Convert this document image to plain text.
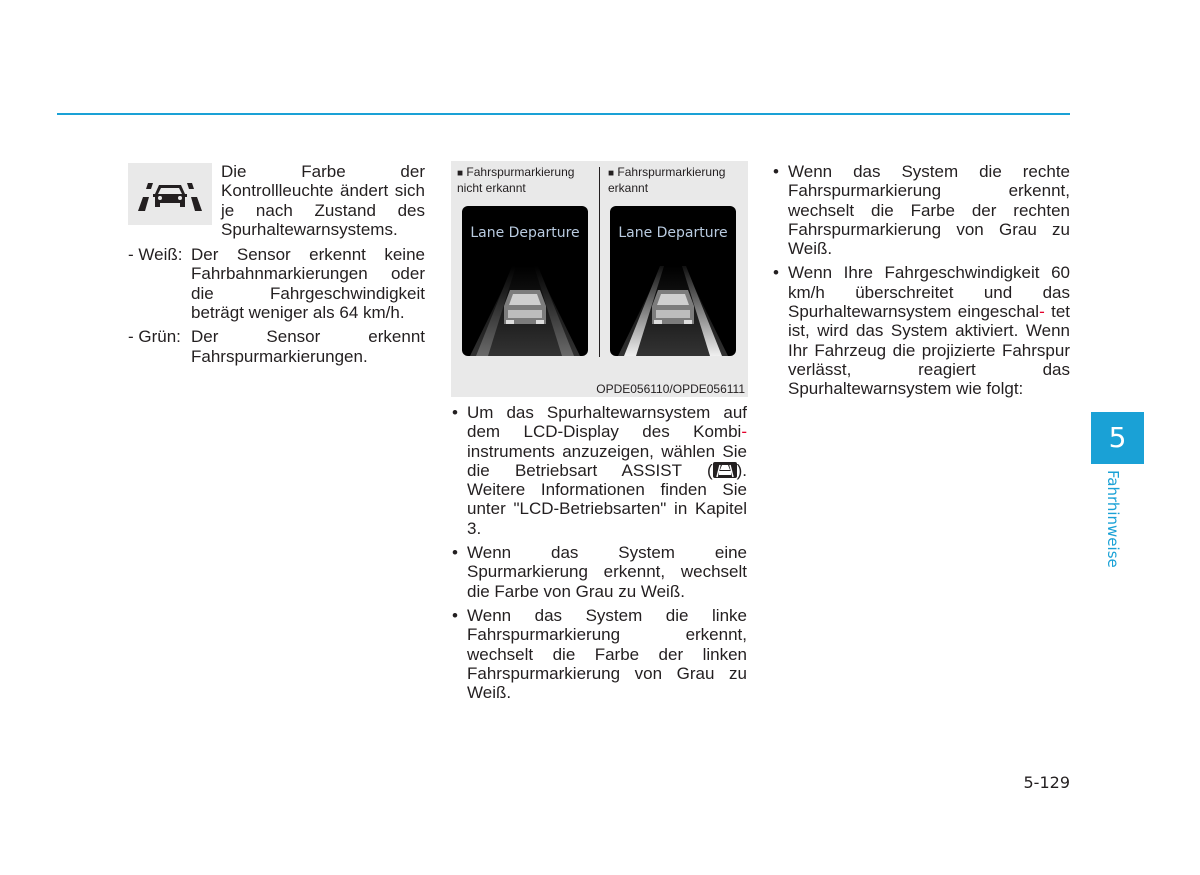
Die Farbe der Kontrollleuchte ändert sich je nach Zustand des Spurhaltewarnsystems.
- Weiß: Der Sensor erkennt keine Fahrbahnmarkierungen oder die Fahrgeschwindigkeit beträgt weniger als 64 km/h.
- Grün: Der Sensor erkennt Fahrspurmarkierungen.
■ Fahrspurmarkierung nicht erkannt
■ Fahrspurmarkierung erkannt
Lane Departure	Lane Departure
OPDE056110/OPDE056111
• Um das Spurhaltewarnsystem auf dem LCD-Display des Kombi- instruments anzuzeigen, wählen Sie die Betriebsart ASSIST ( ). Weitere Informationen finden Sie unter "LCD-Betriebsarten" in Kapitel 3.
• Wenn das System eine Spurmarkierung erkennt, wechselt die Farbe von Grau zu Weiß.
• Wenn das System die linke Fahrspurmarkierung erkennt, wechselt die Farbe der linken Fahrspurmarkierung von Grau zu Weiß.
• Wenn das System die rechte Fahrspurmarkierung erkennt, wechselt die Farbe der rechten Fahrspurmarkierung von Grau zu Weiß.
• Wenn Ihre Fahrgeschwindigkeit 60 km/h überschreitet und das Spurhaltewarnsystem eingeschal- tet ist, wird das System aktiviert. Wenn Ihr Fahrzeug die projizierte Fahrspur verlässt, reagiert das Spurhaltewarnsystem wie folgt:
5
Fahrhinweise
5-129
